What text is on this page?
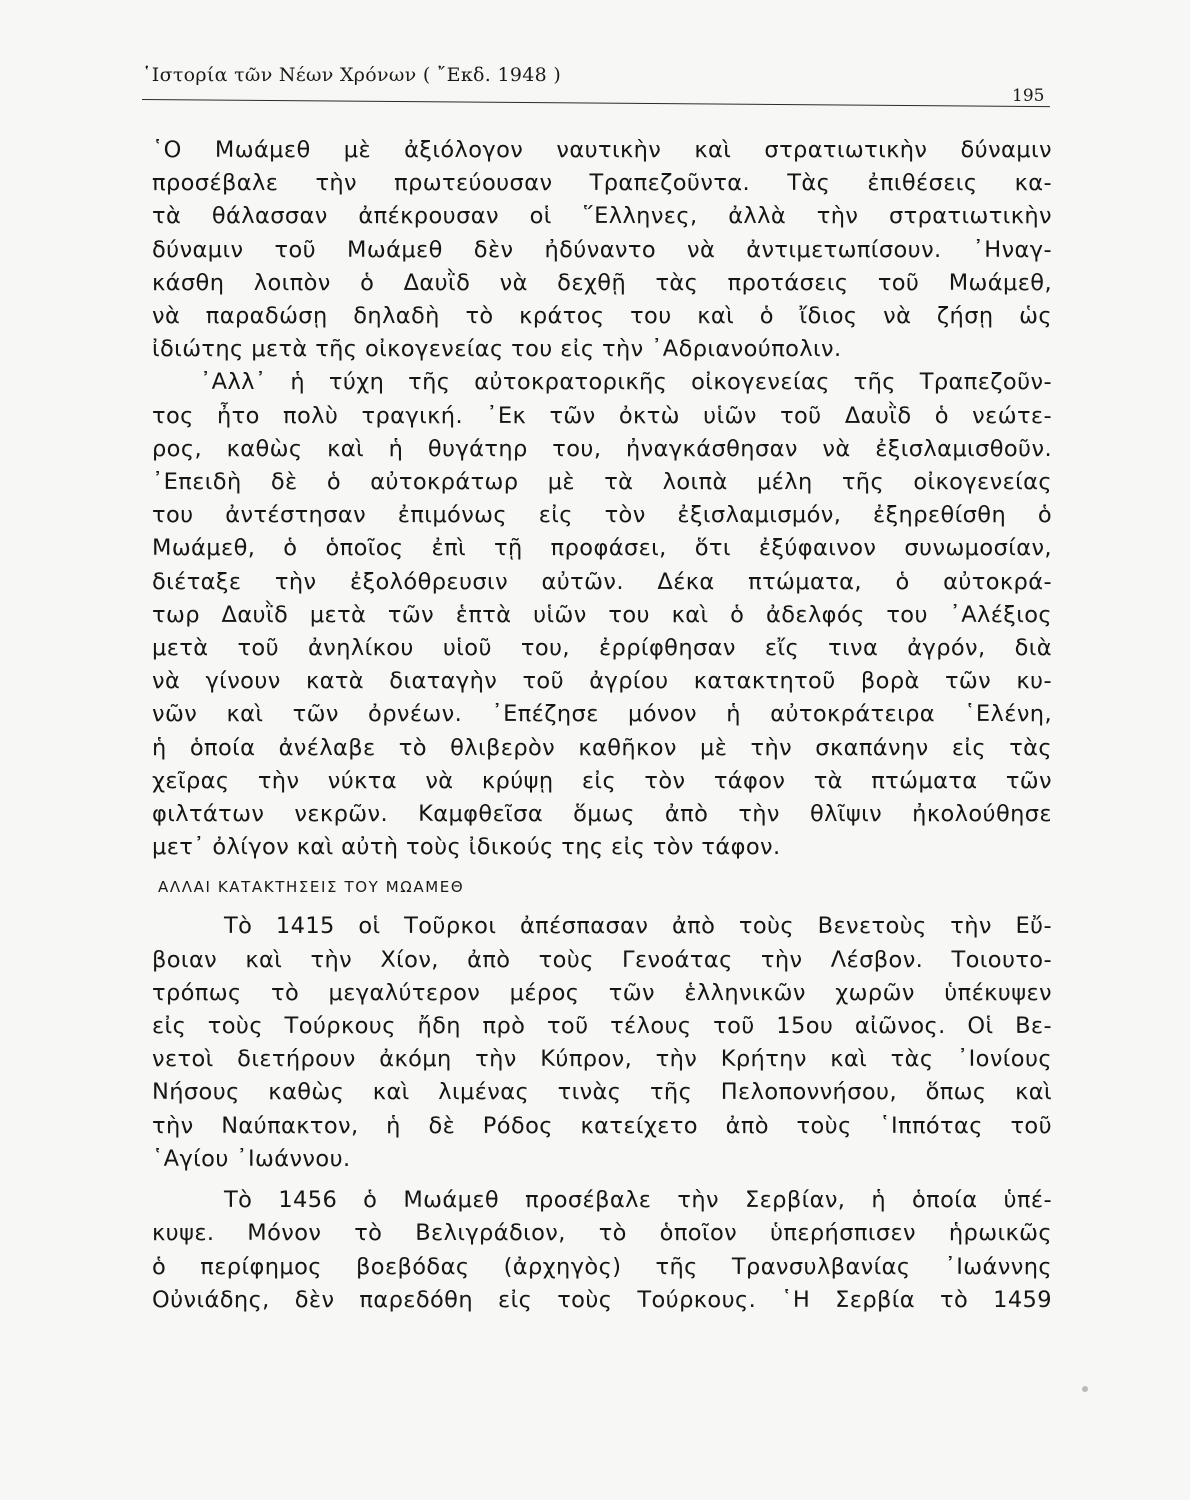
῾Ιστορία τῶν Νέων Χρόνων ( ῎Εκδ. 1948 )
195
῾Ο Μωάμεθ μὲ ἀξιόλογον ναυτικὴν καὶ στρατιωτικὴν δύναμιν
προσέβαλε τὴν πρωτεύουσαν Τραπεζοῦντα. Τὰς ἐπιθέσεις κα-
τὰ θάλασσαν ἀπέκρουσαν οἱ ῞Ελληνες, ἀλλὰ τὴν στρατιωτικὴν
δύναμιν τοῦ Μωάμεθ δὲν ἠδύναντο νὰ ἀντιμετωπίσουν. ᾿Ηναγ-
κάσθη λοιπὸν ὁ Δαυῒδ νὰ δεχθῇ τὰς προτάσεις τοῦ Μωάμεθ,
νὰ παραδώσῃ δηλαδὴ τὸ κράτος του καὶ ὁ ἴδιος νὰ ζήσῃ ὡς
ἰδιώτης μετὰ τῆς οἰκογενείας του εἰς τὴν ᾿Αδριανούπολιν.
᾿Αλλ᾿ ἡ τύχη τῆς αὐτοκρατορικῆς οἰκογενείας τῆς Τραπεζοῦν-
τος ἦτο πολὺ τραγική. ᾿Εκ τῶν ὀκτὼ υἱῶν τοῦ Δαυῒδ ὁ νεώτε-
ρος, καθὼς καὶ ἡ θυγάτηρ του, ἠναγκάσθησαν νὰ ἐξισλαμισθοῦν.
᾿Επειδὴ δὲ ὁ αὐτοκράτωρ μὲ τὰ λοιπὰ μέλη τῆς οἰκογενείας
του ἀντέστησαν ἐπιμόνως εἰς τὸν ἐξισλαμισμόν, ἐξηρεθίσθη ὁ
Μωάμεθ, ὁ ὁποῖος ἐπὶ τῇ προφάσει, ὅτι ἐξύφαινον συνωμοσίαν,
διέταξε τὴν ἐξολόθρευσιν αὐτῶν. Δέκα πτώματα, ὁ αὐτοκρά-
τωρ Δαυῒδ μετὰ τῶν ἑπτὰ υἱῶν του καὶ ὁ ἀδελφός του ᾿Αλέξιος
μετὰ τοῦ ἀνηλίκου υἱοῦ του, ἐρρίφθησαν εἴς τινα ἀγρόν, διὰ
νὰ γίνουν κατὰ διαταγὴν τοῦ ἀγρίου κατακτητοῦ βορὰ τῶν κυ-
νῶν καὶ τῶν ὀρνέων. ᾿Επέζησε μόνον ἡ αὐτοκράτειρα ῾Ελένη,
ἡ ὁποία ἀνέλαβε τὸ θλιβερὸν καθῆκον μὲ τὴν σκαπάνην εἰς τὰς
χεῖρας τὴν νύκτα νὰ κρύψῃ εἰς τὸν τάφον τὰ πτώματα τῶν
φιλτάτων νεκρῶν. Καμφθεῖσα ὅμως ἀπὸ τὴν θλῖψιν ἠκολούθησε
μετ᾿ ὀλίγον καὶ αὐτὴ τοὺς ἰδικούς της εἰς τὸν τάφον.
ΑΛΛΑΙ ΚΑΤΑΚΤΗΣΕΙΣ ΤΟΥ ΜΩΑΜΕΘ
Τὸ 1415 οἱ Τοῦρκοι ἀπέσπασαν ἀπὸ τοὺς Βενετοὺς τὴν Εὔ-
βοιαν καὶ τὴν Χίον, ἀπὸ τοὺς Γενοάτας τὴν Λέσβον. Τοιουτο-
τρόπως τὸ μεγαλύτερον μέρος τῶν ἑλληνικῶν χωρῶν ὑπέκυψεν
εἰς τοὺς Τούρκους ἤδη πρὸ τοῦ τέλους τοῦ 15ου αἰῶνος. Οἱ Βε-
νετοὶ διετήρουν ἀκόμη τὴν Κύπρον, τὴν Κρήτην καὶ τὰς ᾿Ιονίους
Νήσους καθὼς καὶ λιμένας τινὰς τῆς Πελοποννήσου, ὅπως καὶ
τὴν Ναύπακτον, ἡ δὲ Ρόδος κατείχετο ἀπὸ τοὺς ῾Ιππότας τοῦ
῾Αγίου ᾿Ιωάννου.
Τὸ 1456 ὁ Μωάμεθ προσέβαλε τὴν Σερβίαν, ἡ ὁποία ὑπέ-
κυψε. Μόνον τὸ Βελιγράδιον, τὸ ὁποῖον ὑπερήσπισεν ἡρωικῶς
ὁ περίφημος βοεβόδας (ἀρχηγὸς) τῆς Τρανσυλβανίας ᾿Ιωάννης
Οὐνιάδης, δὲν παρεδόθη εἰς τοὺς Τούρκους. ῾Η Σερβία τὸ 1459
